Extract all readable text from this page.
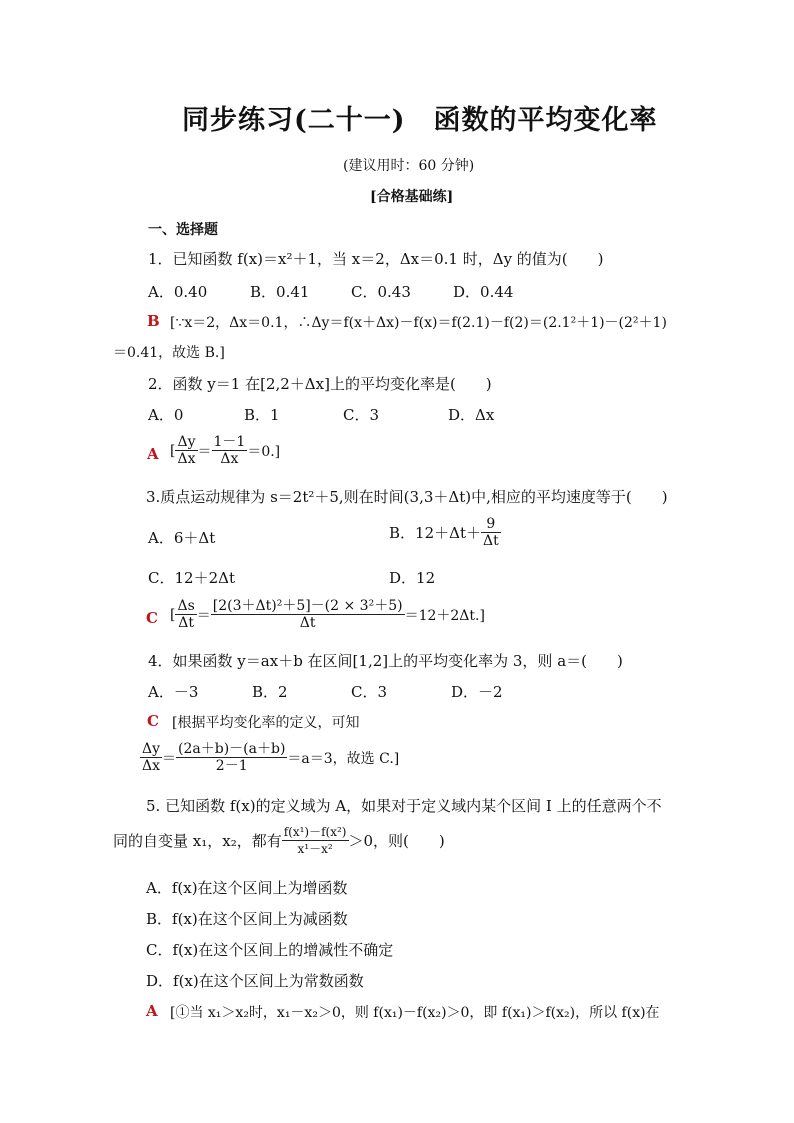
同步练习(二十一)　函数的平均变化率
(建议用时：60 分钟)
[合格基础练]
一、选择题
1．已知函数 f(x)＝x²＋1，当 x＝2，Δx＝0.1 时，Δy 的值为(　　)
A．0.40	B．0.41	C．0.43	D．0.44
B [∵x＝2，Δx＝0.1，∴Δy＝f(x＋Δx)－f(x)＝f(2.1)－f(2)＝(2.1²＋1)－(2²＋1)
＝0.41，故选 B.]
2．函数 y＝1 在[2,2＋Δx]上的平均变化率是(　　)
A．0	B．1	C．3	D．Δx
A [ $\frac{\Delta y}{\Delta x} = \frac{1-1}{\Delta x} =0$.]
3.质点运动规律为 s＝2t²＋5,则在时间(3,3＋Δt)中,相应的平均速度等于(　　)
A．6＋Δt	B．$12+\Delta t+ \frac{9}{\Delta t}$
C．12＋2Δt	D．12
C [ $\frac{\Delta s}{\Delta t} = \frac{\text{[2(3＋Δt)²＋5]－(2 × 3²＋5)}}{\Delta t} =12+2\Delta t$.]
4．如果函数 y＝ax＋b 在区间[1,2]上的平均变化率为 3，则 a＝(　　)
A．－3	B．2	C．3	D．－2
C [根据平均变化率的定义，可知
$\frac{\Delta y}{\Delta x} = \frac{(2a+b)-(a+b)}{2-1} =a=3$，故选 C.]
5. 已知函数 f(x)的定义域为 A，如果对于定义域内某个区间 I 上的任意两个不
同的自变量 x₁，x₂，都有 $\frac{\text{f(x¹)－f(x²)}}{\text{x¹－x²}} >0$，则(　　)
A．f(x)在这个区间上为增函数
B．f(x)在这个区间上为减函数
C．f(x)在这个区间上的增减性不确定
D．f(x)在这个区间上为常数函数
A [①当 x₁＞x₂时，x₁－x₂＞0，则 f(x₁)－f(x₂)＞0，即 f(x₁)＞f(x₂)，所以 f(x)在
